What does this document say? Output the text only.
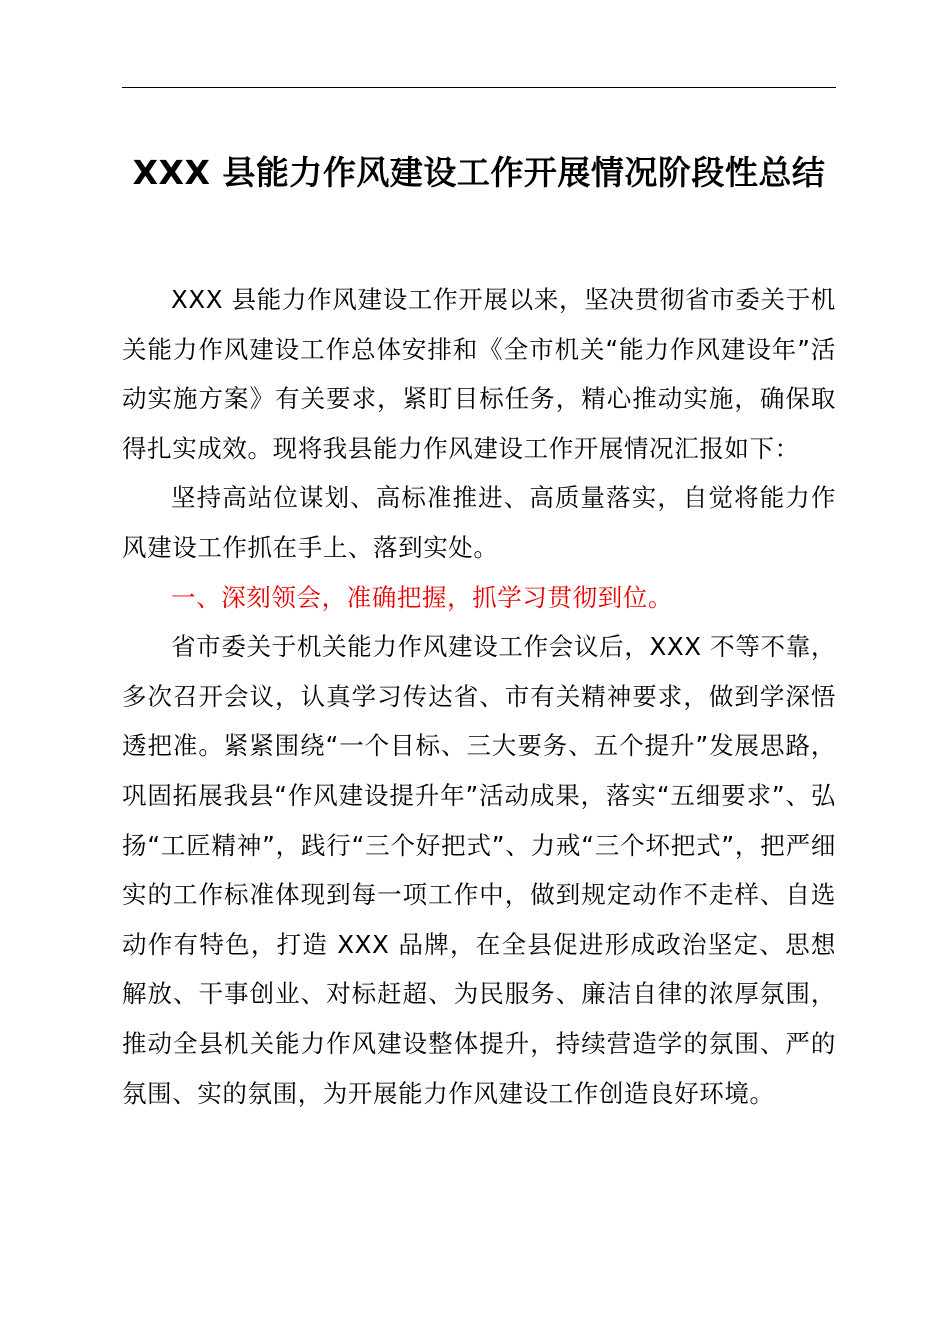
XXX 县能力作风建设工作开展情况阶段性总结

XXX 县能力作风建设工作开展以来，坚决贯彻省市委关于机关能力作风建设工作总体安排和《全市机关“能力作风建设年”活动实施方案》有关要求，紧盯目标任务，精心推动实施，确保取得扎实成效。现将我县能力作风建设工作开展情况汇报如下：

坚持高站位谋划、高标准推进、高质量落实，自觉将能力作风建设工作抓在手上、落到实处。

一、深刻领会，准确把握，抓学习贯彻到位。

省市委关于机关能力作风建设工作会议后，XXX 不等不靠，多次召开会议，认真学习传达省、市有关精神要求，做到学深悟透把准。紧紧围绕“一个目标、三大要务、五个提升”发展思路，巩固拓展我县“作风建设提升年”活动成果，落实“五细要求”、弘扬“工匠精神”，践行“三个好把式”、力戒“三个坏把式”，把严细实的工作标准体现到每一项工作中，做到规定动作不走样、自选动作有特色，打造 XXX 品牌，在全县促进形成政治坚定、思想解放、干事创业、对标赶超、为民服务、廉洁自律的浓厚氛围，推动全县机关能力作风建设整体提升，持续营造学的氛围、严的氛围、实的氛围，为开展能力作风建设工作创造良好环境。
